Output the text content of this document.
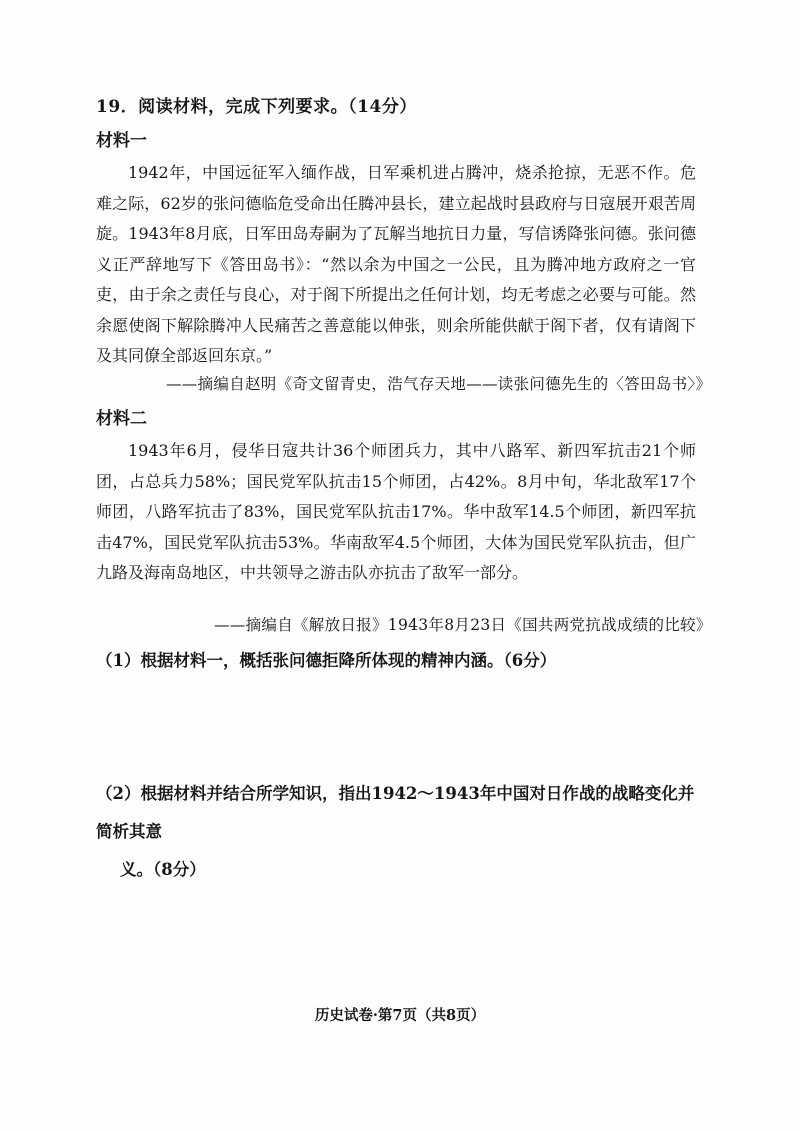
19．阅读材料，完成下列要求。（14分）
材料一

1942年，中国远征军入缅作战，日军乘机进占腾冲，烧杀抢掠，无恶不作。危难之际，62岁的张问德临危受命出任腾冲县长，建立起战时县政府与日寇展开艰苦周旋。1943年8月底，日军田岛寿嗣为了瓦解当地抗日力量，写信诱降张问德。张问德义正严辞地写下《答田岛书》：“然以余为中国之一公民，且为腾冲地方政府之一官吏，由于余之责任与良心，对于阁下所提出之任何计划，均无考虑之必要与可能。然余愿使阁下解除腾冲人民痛苦之善意能以伸张，则余所能供献于阁下者，仅有请阁下及其同僚全部返回东京。”

——摘编自赵明《奇文留青史，浩气存天地——读张问德先生的〈答田岛书〉》
材料二

1943年6月，侵华日寇共计36个师团兵力，其中八路军、新四军抗击21个师团，占总兵力58%；国民党军队抗击15个师团，占42%。8月中旬，华北敌军17个师团，八路军抗击了83%，国民党军队抗击17%。华中敌军14.5个师团，新四军抗击47%，国民党军队抗击53%。华南敌军4.5个师团，大体为国民党军队抗击，但广九路及海南岛地区，中共领导之游击队亦抗击了敌军一部分。

——摘编自《解放日报》1943年8月23日《国共两党抗战成绩的比较》

（1）根据材料一，概括张问德拒降所体现的精神内涵。（6分）

（2）根据材料并结合所学知识，指出1942～1943年中国对日作战的战略变化并简析其意
义。（8分）

历史试卷·第7页（共8页）
